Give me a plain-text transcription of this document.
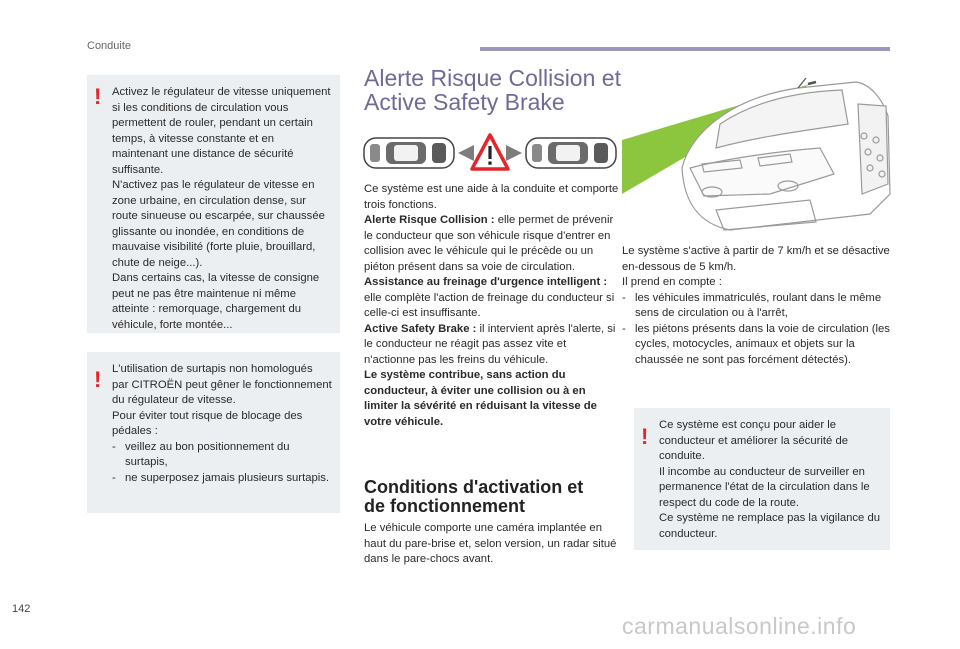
Conduite
! Activez le régulateur de vitesse uniquement si les conditions de circulation vous permettent de rouler, pendant un certain temps, à vitesse constante et en maintenant une distance de sécurité suffisante.

N'activez pas le régulateur de vitesse en zone urbaine, en circulation dense, sur route sinueuse ou escarpée, sur chaussée glissante ou inondée, en conditions de mauvaise visibilité (forte pluie, brouillard, chute de neige...).

Dans certains cas, la vitesse de consigne peut ne pas être maintenue ni même atteinte : remorquage, chargement du véhicule, forte montée...

! L'utilisation de surtapis non homologués par CITROËN peut gêner le fonctionnement du régulateur de vitesse.

Pour éviter tout risque de blocage des pédales :

- veillez au bon positionnement du surtapis,
- ne superposez jamais plusieurs surtapis.
Alerte Risque Collision et
Active Safety Brake

Ce système est une aide à la conduite et comporte trois fonctions.

Alerte Risque Collision : elle permet de prévenir le conducteur que son véhicule risque d'entrer en collision avec le véhicule qui le précède ou un piéton présent dans sa voie de circulation.

Assistance au freinage d'urgence intelligent : elle complète l'action de freinage du conducteur si celle-ci est insuffisante.

Active Safety Brake : il intervient après l'alerte, si le conducteur ne réagit pas assez vite et n'actionne pas les freins du véhicule.

Le système contribue, sans action du conducteur, à éviter une collision ou à en limiter la sévérité en réduisant la vitesse de votre véhicule.

Conditions d'activation et
de fonctionnement

Le véhicule comporte une caméra implantée en haut du pare-brise et, selon version, un radar situé dans le pare-chocs avant.

Le système s'active à partir de 7 km/h et se désactive en-dessous de 5 km/h.

Il prend en compte :

- les véhicules immatriculés, roulant dans le même sens de circulation ou à l'arrêt,
- les piétons présents dans la voie de circulation (les cycles, motocycles, animaux et objets sur la chaussée ne sont pas forcément détectés).
! Ce système est conçu pour aider le conducteur et améliorer la sécurité de conduite.

Il incombe au conducteur de surveiller en permanence l'état de la circulation dans le respect du code de la route.

Ce système ne remplace pas la vigilance du conducteur.

142
carmanualsonline.info
